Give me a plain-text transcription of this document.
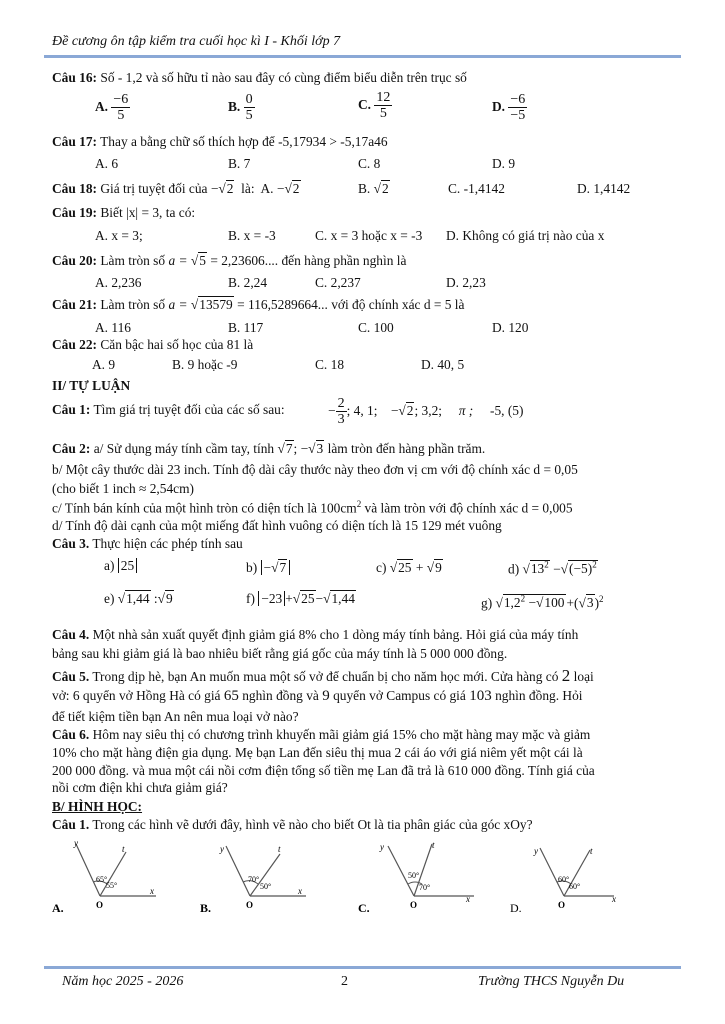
Đề cương ôn tập kiểm tra cuối học kì I - Khối lớp 7
Câu 16: Số - 1,2 và số hữu tỉ nào sau đây có cùng điểm biểu diễn trên trục số
A. $\frac{-6}{5}$	B. $\frac{0}{5}$	C. $\frac{12}{5}$	D. $\frac{-6}{-5}$
Câu 17: Thay a bằng chữ số thích hợp để -5,17934 > -5,17a46
A. 6	B. 7	C. 8	D. 9
Câu 18: Giá trị tuyệt đối của −√2 là: A. −√2	B. √2	C. -1,4142	D. 1,4142
Câu 19: Biết |x| = 3, ta có:
A. x = 3;	B. x = -3	C. x = 3 hoặc x = -3 D. Không có giá trị nào của x
Câu 20: Làm tròn số a = √5 = 2,23606.... đến hàng phần nghìn là
A. 2,236	B. 2,24	C. 2,237	D. 2,23
Câu 21: Làm tròn số a = √13579 = 116,5289664... với độ chính xác d = 5 là
A. 116	B. 117	C. 100	D. 120
Câu 22: Căn bậc hai số học của 81 là
A. 9	B. 9 hoặc -9	C. 18	D. 40, 5
II/ TỰ LUẬN
Câu 1: Tìm giá trị tuyệt đối của các số sau:	− $\frac{2}{3}$ ; 4, 1; −√2; 3,2; π ; -5, (5)
Câu 2: a/ Sử dụng máy tính cầm tay, tính √7; −√3 làm tròn đến hàng phần trăm.
b/ Một cây thước dài 23 inch. Tính độ dài cây thước này theo đơn vị cm với độ chính xác d = 0,05
(cho biết 1 inch ≈ 2,54cm)
c/ Tính bán kính của một hình tròn có diện tích là $100cm^2$ và làm tròn với độ chính xác d = 0,005
d/ Tính độ dài cạnh của một miếng đất hình vuông có diện tích là 15 129 mét vuông
Câu 3. Thực hiện các phép tính sau
a) 25	b) −√7	c) √25 + √9	d) $√13^2 -√(-5)^2$
e) √1,44 :√9	f) −23 +√25−√1,44	g) $√1,2^2 -√100 +(√3)^2$
Câu 4. Một nhà sản xuất quyết định giảm giá 8% cho 1 dòng máy tính bảng. Hỏi giá của máy tính
bảng sau khi giảm giá là bao nhiêu biết rằng giá gốc của máy tính là 5 000 000 đồng.
Câu 5. Trong dịp hè, bạn An muốn mua một số vở để chuẩn bị cho năm học mới. Cửa hàng có 2 loại
vở: 6 quyển vở Hồng Hà có giá 65 nghìn đồng và 9 quyển vở Campus có giá 103 nghìn đồng. Hỏi
để tiết kiệm tiền bạn An nên mua loại vở nào?
Câu 6. Hôm nay siêu thị có chương trình khuyến mãi giảm giá 15% cho mặt hàng may mặc và giảm
10% cho mặt hàng điện gia dụng. Mẹ bạn Lan đến siêu thị mua 2 cái áo với giá niêm yết một cái là
200 000 đồng. và mua một cái nồi cơm điện tổng số tiền mẹ Lan đã trả là 610 000 đồng. Tính giá của
nồi cơm điện khi chưa giảm giá?
B/ HÌNH HỌC:
Câu 1. Trong các hình vẽ dưới đây, hình vẽ nào cho biết Ot là tia phân giác của góc xOy?
y
t
O
x
65°
55°
A.
y	t
O
x
70°
50°
B.
y	t
O
x
50°
70°
C.
y	t
O
x
60°
60°
D.
Năm học 2025 - 2026	2	Trường THCS Nguyễn Du
